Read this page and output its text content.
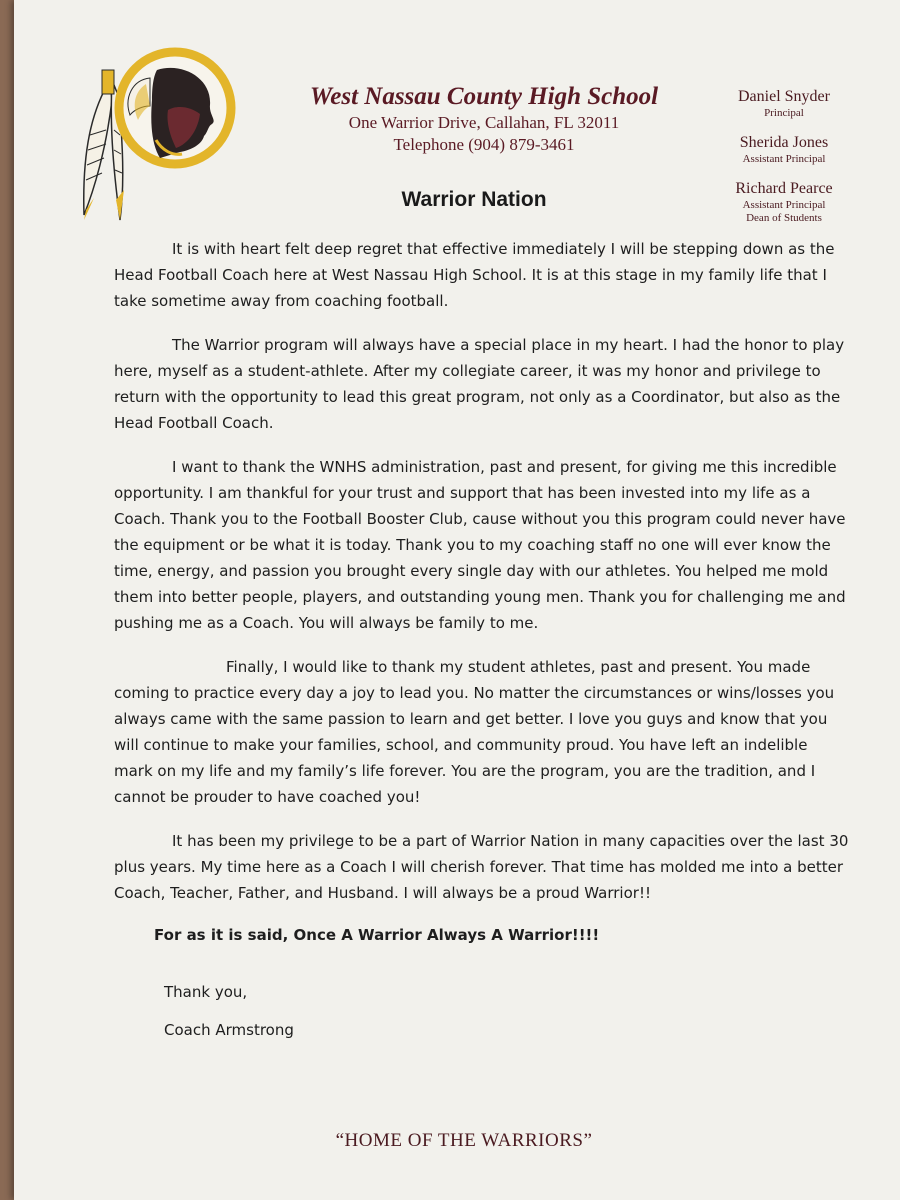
West Nassau County High School
One Warrior Drive, Callahan, FL 32011
Telephone (904) 879-3461
Daniel Snyder
Principal
Sherida Jones
Assistant Principal
Richard Pearce
Assistant Principal
Dean of Students
Warrior Nation

It is with heart felt deep regret that effective immediately I will be stepping down as the Head Football Coach here at West Nassau High School. It is at this stage in my family life that I take sometime away from coaching football.

The Warrior program will always have a special place in my heart. I had the honor to play here, myself as a student-athlete. After my collegiate career, it was my honor and privilege to return with the opportunity to lead this great program, not only as a Coordinator, but also as the Head Football Coach.

I want to thank the WNHS administration, past and present, for giving me this incredible opportunity. I am thankful for your trust and support that has been invested into my life as a Coach. Thank you to the Football Booster Club, cause without you this program could never have the equipment or be what it is today. Thank you to my coaching staff no one will ever know the time, energy, and passion you brought every single day with our athletes. You helped me mold them into better people, players, and outstanding young men. Thank you for challenging me and pushing me as a Coach. You will always be family to me.

Finally, I would like to thank my student athletes, past and present. You made coming to practice every day a joy to lead you. No matter the circumstances or wins/losses you always came with the same passion to learn and get better. I love you guys and know that you will continue to make your families, school, and community proud. You have left an indelible mark on my life and my family’s life forever. You are the program, you are the tradition, and I cannot be prouder to have coached you!

It has been my privilege to be a part of Warrior Nation in many capacities over the last 30 plus years. My time here as a Coach I will cherish forever. That time has molded me into a better Coach, Teacher, Father, and Husband. I will always be a proud Warrior!!

For as it is said, Once A Warrior Always A Warrior!!!!

Thank you,
Coach Armstrong
“HOME OF THE WARRIORS”
